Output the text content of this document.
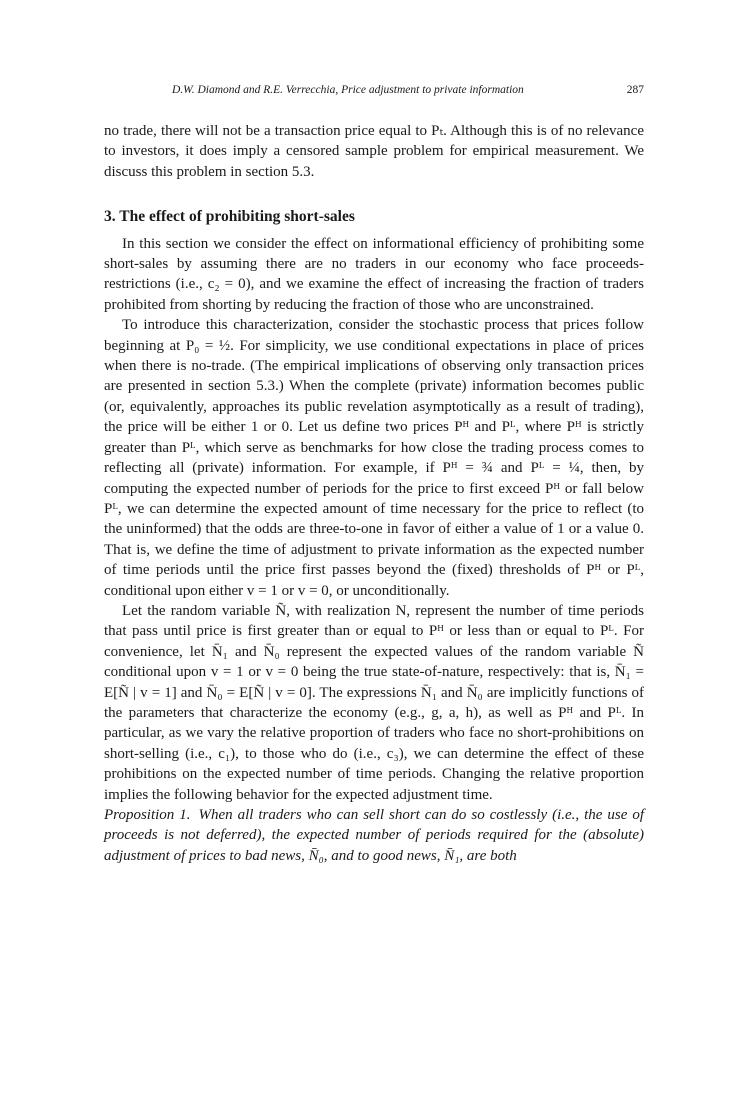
D.W. Diamond and R.E. Verrecchia, Price adjustment to private information	287

no trade, there will not be a transaction price equal to Pₜ. Although this is of no relevance to investors, it does imply a censored sample problem for empirical measurement. We discuss this problem in section 5.3.

3. The effect of prohibiting short-sales

In this section we consider the effect on informational efficiency of prohibiting some short-sales by assuming there are no traders in our economy who face proceeds-restrictions (i.e., c₂ = 0), and we examine the effect of increasing the fraction of traders prohibited from shorting by reducing the fraction of those who are unconstrained.

To introduce this characterization, consider the stochastic process that prices follow beginning at P₀ = ½. For simplicity, we use conditional expectations in place of prices when there is no-trade. (The empirical implications of observing only transaction prices are presented in section 5.3.) When the complete (private) information becomes public (or, equivalently, approaches its public revelation asymptotically as a result of trading), the price will be either 1 or 0. Let us define two prices Pᴴ and Pᴸ, where Pᴴ is strictly greater than Pᴸ, which serve as benchmarks for how close the trading process comes to reflecting all (private) information. For example, if Pᴴ = ¾ and Pᴸ = ¼, then, by computing the expected number of periods for the price to first exceed Pᴴ or fall below Pᴸ, we can determine the expected amount of time necessary for the price to reflect (to the uninformed) that the odds are three-to-one in favor of either a value of 1 or a value 0. That is, we define the time of adjustment to private information as the expected number of time periods until the price first passes beyond the (fixed) thresholds of Pᴴ or Pᴸ, conditional upon either v = 1 or v = 0, or unconditionally.

Let the random variable Ñ, with realization N, represent the number of time periods that pass until price is first greater than or equal to Pᴴ or less than or equal to Pᴸ. For convenience, let N̄₁ and N̄₀ represent the expected values of the random variable Ñ conditional upon v = 1 or v = 0 being the true state-of-nature, respectively: that is, N̄₁ = E[Ñ | v = 1] and N̄₀ = E[Ñ | v = 0]. The expressions N̄₁ and N̄₀ are implicitly functions of the parameters that characterize the economy (e.g., g, a, h), as well as Pᴴ and Pᴸ. In particular, as we vary the relative proportion of traders who face no short-prohibitions on short-selling (i.e., c₁), to those who do (i.e., c₃), we can determine the effect of these prohibitions on the expected number of time periods. Changing the relative proportion implies the following behavior for the expected adjustment time.

Proposition 1. When all traders who can sell short can do so costlessly (i.e., the use of proceeds is not deferred), the expected number of periods required for the (absolute) adjustment of prices to bad news, N̄₀, and to good news, N̄₁, are both
